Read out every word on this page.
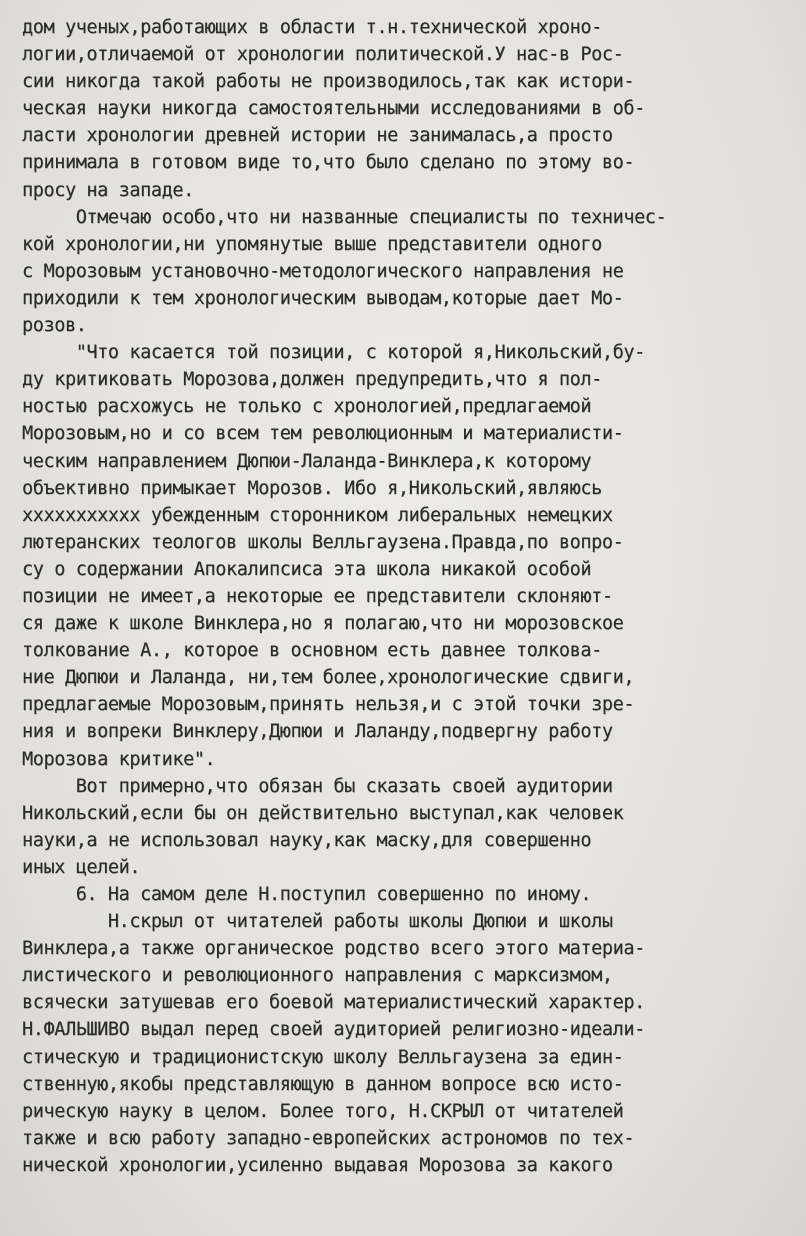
дом ученых,работающих в области т.н.технической хроно-
логии,отличаемой от хронологии политической.У нас-в Рос-
сии никогда такой работы не производилось,так как истори-
ческая науки никогда самостоятельными исследованиями в об-
ласти хронологии древней истории не занималась,а просто
принимала в готовом виде то,что было сделано по этому во-
просу на западе.
Отмечаю особо,что ни названные специалисты по техничес-
кой хронологии,ни упомянутые выше представители одного
с Морозовым установочно-методологического направления не
приходили к тем хронологическим выводам,которые дает Мо-
розов.
"Что касается той позиции, с которой я,Никольский,бу-
ду критиковать Морозова,должен предупредить,что я пол-
ностью расхожусь не только с хронологией,предлагаемой
Морозовым,но и со всем тем революционным и материалисти-
ческим направлением Дюпюи-Лаланда-Винклера,к которому
объективно примыкает Морозов. Ибо я,Никольский,являюсь
xxxxxxxxxxx убежденным сторонником либеральных немецких
лютеранских теологов школы Велльгаузена.Правда,по вопро-
су о содержании Апокалипсиса эта школа никакой особой
позиции не имеет,а некоторые ее представители склоняют-
ся даже к школе Винклера,но я полагаю,что ни морозовское
толкование А., которое в основном есть давнее толкова-
ние Дюпюи и Лаланда, ни,тем более,хронологические сдвиги,
предлагаемые Морозовым,принять нельзя,и с этой точки зре-
ния и вопреки Винклеру,Дюпюи и Лаланду,подвергну работу
Морозова критике".
Вот примерно,что обязан бы сказать своей аудитории
Никольский,если бы он действительно выступал,как человек
науки,а не использовал науку,как маску,для совершенно
иных целей.
6. На самом деле Н.поступил совершенно по иному.
Н.скрыл от читателей работы школы Дюпюи и школы
Винклера,а также органическое родство всего этого материа-
листического и революционного направления с марксизмом,
всячески затушевав его боевой материалистический характер.
Н.ФАЛЬШИВО выдал перед своей аудиторией религиозно-идеали-
стическую и традиционистскую школу Велльгаузена за един-
ственную,якобы представляющую в данном вопросе всю исто-
рическую науку в целом. Более того, Н.СКРЫЛ от читателей
также и всю работу западно-европейских астрономов по тех-
нической хронологии,усиленно выдавая Морозова за какого
